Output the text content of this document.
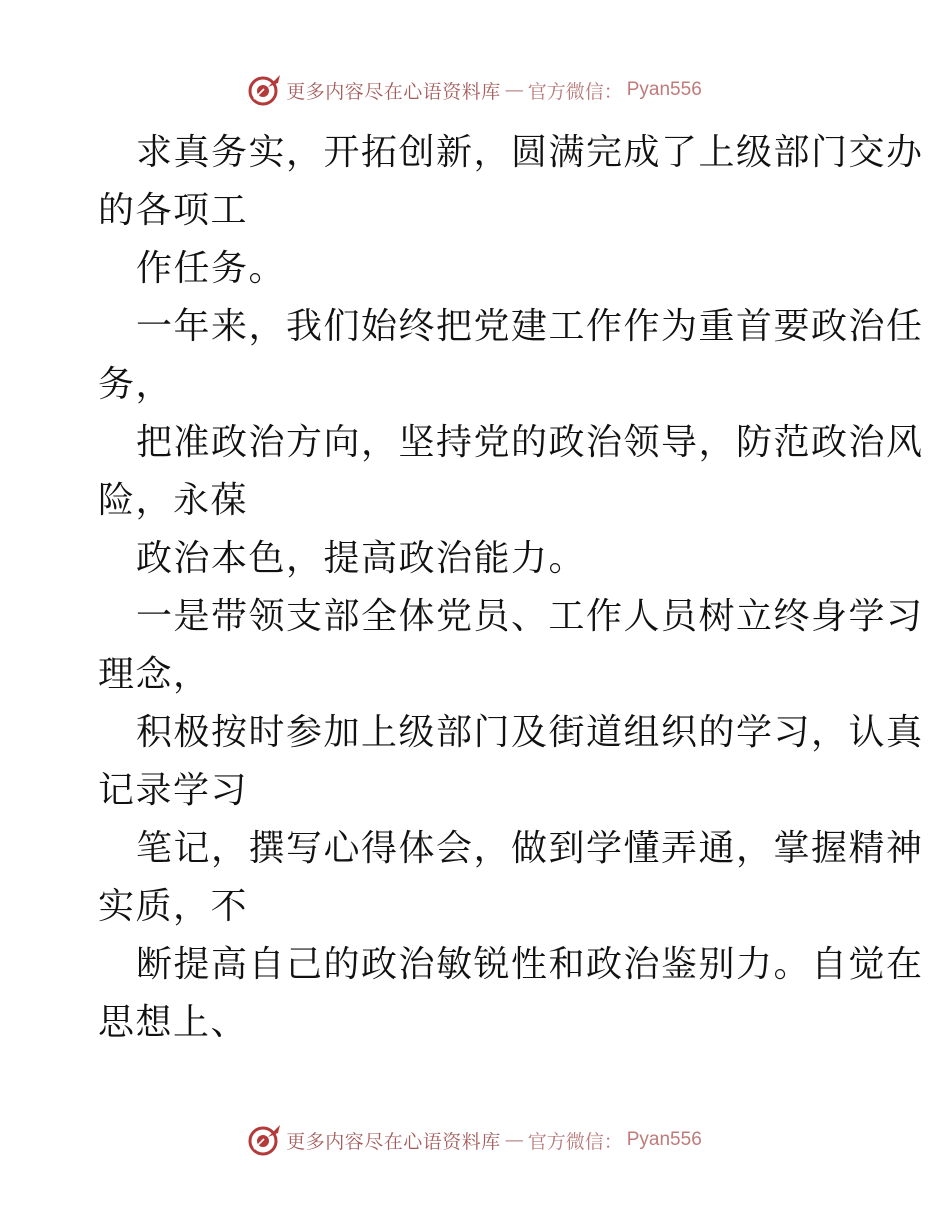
更多内容尽在心语资料库 — 官方微信： Pyan556
求真务实，开拓创新，圆满完成了上级部门交办
的各项工
作任务。
一年来，我们始终把党建工作作为重首要政治任
务，
把准政治方向，坚持党的政治领导，防范政治风
险，永葆
政治本色，提高政治能力。
一是带领支部全体党员、工作人员树立终身学习
理念，
积极按时参加上级部门及街道组织的学习，认真
记录学习
笔记，撰写心得体会，做到学懂弄通，掌握精神
实质，不
断提高自己的政治敏锐性和政治鉴别力。自觉在
思想上、
更多内容尽在心语资料库 — 官方微信： Pyan556
